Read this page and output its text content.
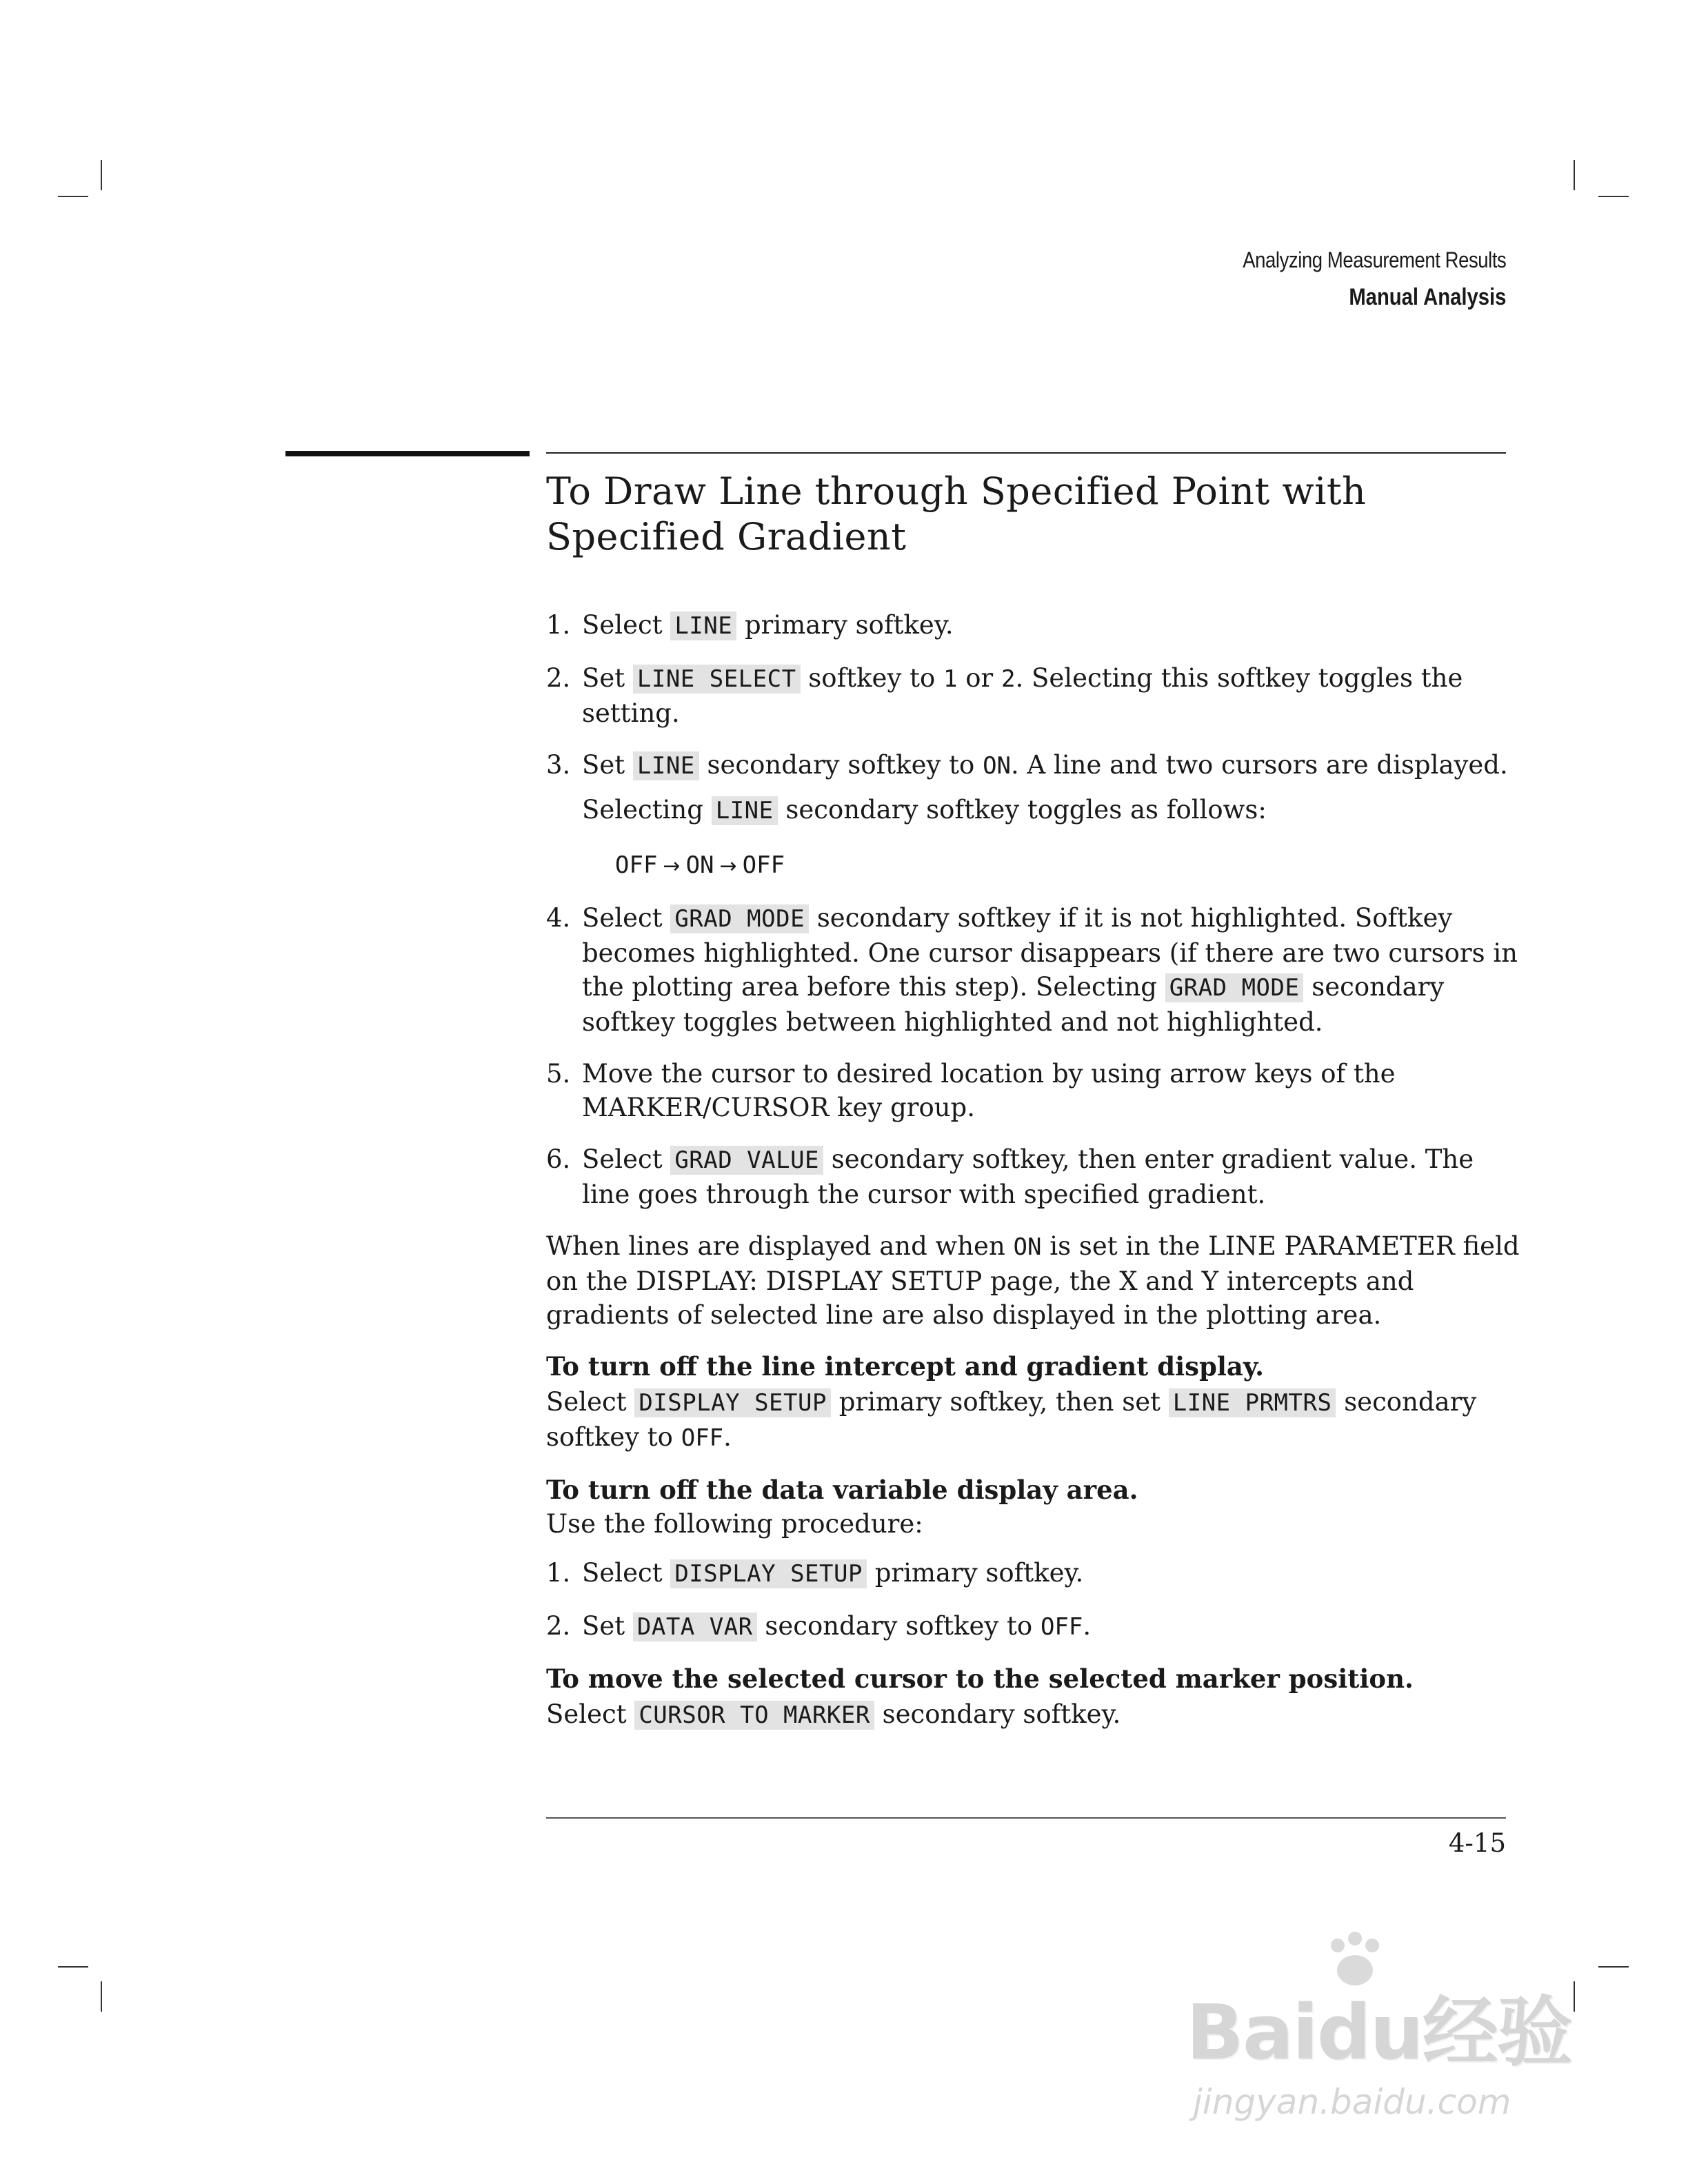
Analyzing Measurement Results
Manual Analysis
To Draw Line through Specified Point with Specified Gradient
1. Select LINE primary softkey.
2. Set LINE SELECT softkey to 1 or 2. Selecting this softkey toggles the setting.
3. Set LINE secondary softkey to ON. A line and two cursors are displayed.
Selecting LINE secondary softkey toggles as follows:
OFF → ON → OFF
4. Select GRAD MODE secondary softkey if it is not highlighted. Softkey becomes highlighted. One cursor disappears (if there are two cursors in the plotting area before this step). Selecting GRAD MODE secondary softkey toggles between highlighted and not highlighted.
5. Move the cursor to desired location by using arrow keys of the MARKER/CURSOR key group.
6. Select GRAD VALUE secondary softkey, then enter gradient value. The line goes through the cursor with specified gradient.

When lines are displayed and when ON is set in the LINE PARAMETER field on the DISPLAY: DISPLAY SETUP page, the X and Y intercepts and gradients of selected line are also displayed in the plotting area.

To turn off the line intercept and gradient display.

Select DISPLAY SETUP primary softkey, then set LINE PRMTRS secondary softkey to OFF.

To turn off the data variable display area.

Use the following procedure:

1. Select DISPLAY SETUP primary softkey.
2. Set DATA VAR secondary softkey to OFF.
To move the selected cursor to the selected marker position.

Select CURSOR TO MARKER secondary softkey.

4-15
Baidu经验
jingyan.baidu.com
